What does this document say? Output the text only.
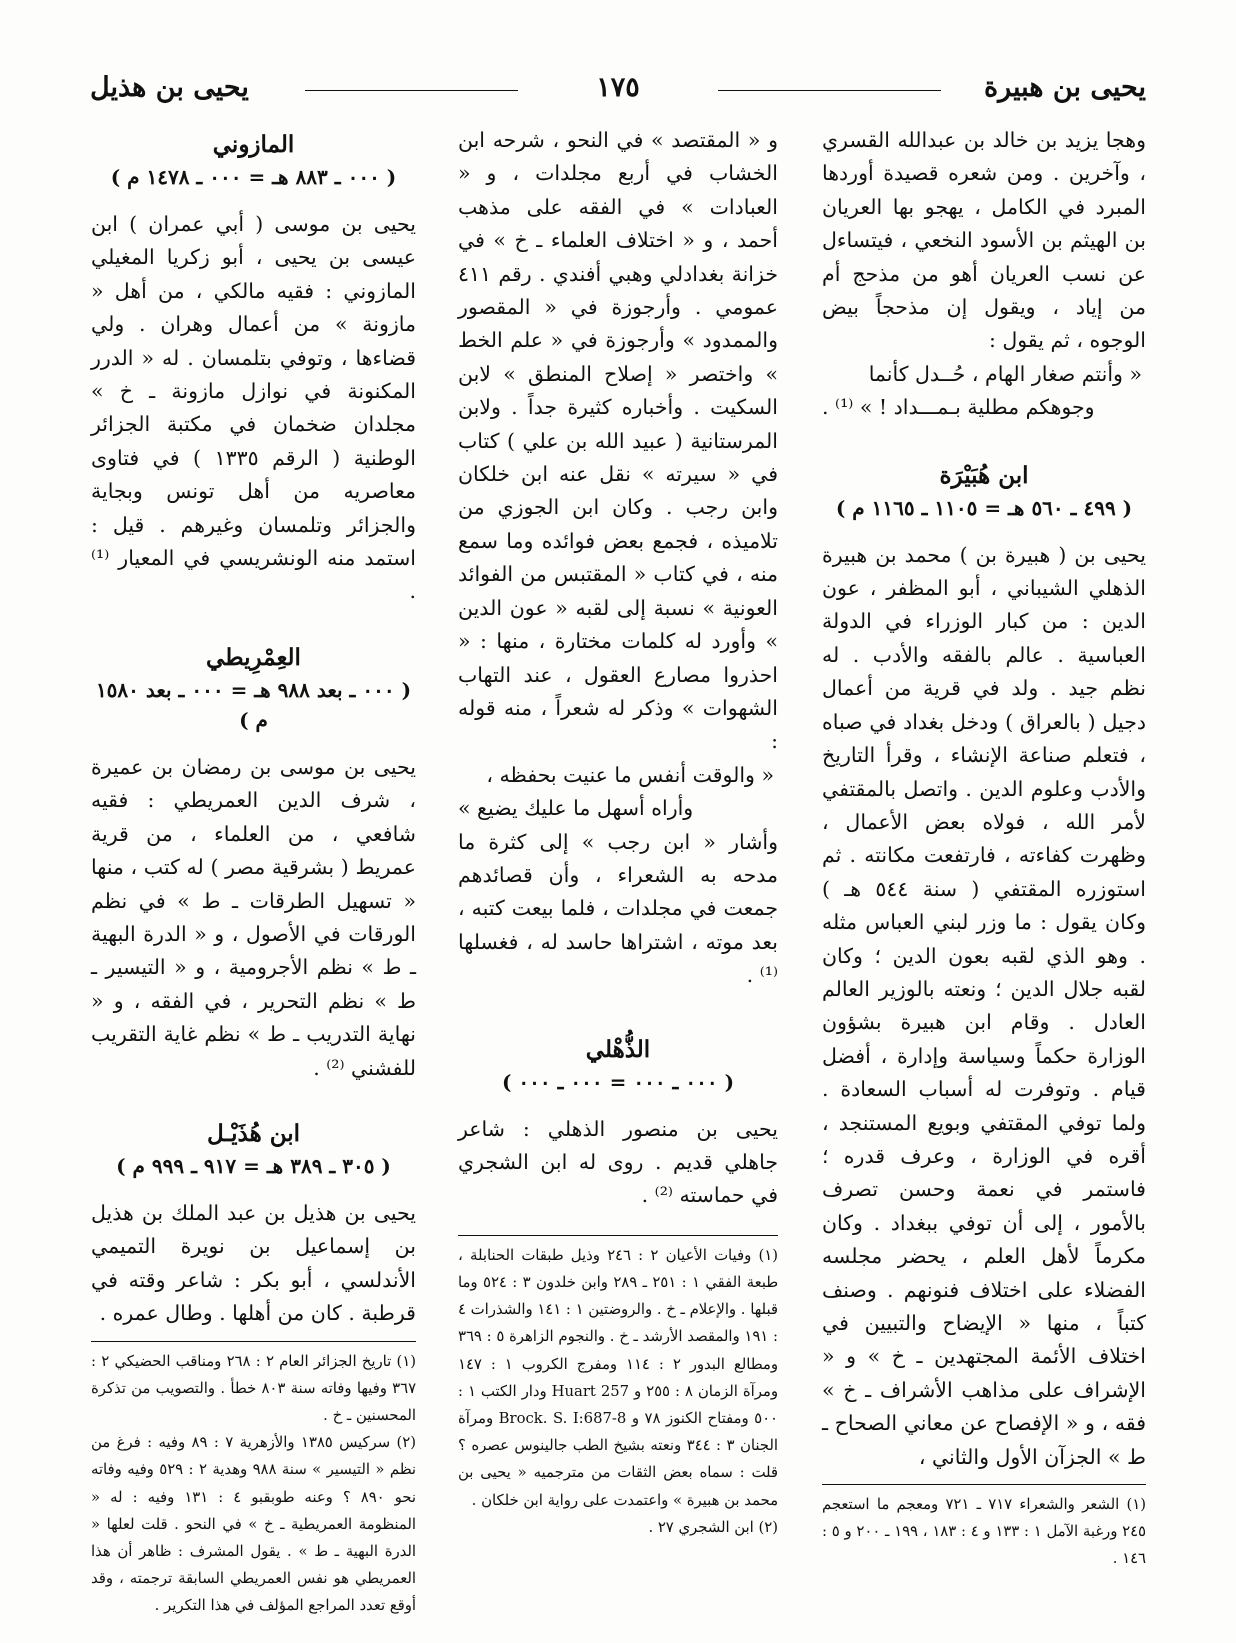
يحيى بن هبيرة
١٧٥
يحيى بن هذيل

وهجا يزيد بن خالد بن عبدالله القسري ، وآخرين . ومن شعره قصيدة أوردها المبرد في الكامل ، يهجو بها العريان بن الهيثم بن الأسود النخعي ، فيتساءل عن نسب العريان أهو من مذحج أم من إياد ، ويقول إن مذحجاً بيض الوجوه ، ثم يقول :

« وأنتم صغار الهام ، حُــدل كأنما

وجوهكم مطلية بـمـــداد ! » ⁽¹⁾ .

ابن هُبَيْرَة
( ٤٩٩ ـ ٥٦٠ هـ = ١١٠٥ ـ ١١٦٥ م )

يحيى بن ( هبيرة بن ) محمد بن هبيرة الذهلي الشيباني ، أبو المظفر ، عون الدين : من كبار الوزراء في الدولة العباسية . عالم بالفقه والأدب . له نظم جيد . ولد في قرية من أعمال دجيل ( بالعراق ) ودخل بغداد في صباه ، فتعلم صناعة الإنشاء ، وقرأ التاريخ والأدب وعلوم الدين . واتصل بالمقتفي لأمر الله ، فولاه بعض الأعمال ، وظهرت كفاءته ، فارتفعت مكانته . ثم استوزره المقتفي ( سنة ٥٤٤ هـ ) وكان يقول : ما وزر لبني العباس مثله . وهو الذي لقبه بعون الدين ؛ وكان لقبه جلال الدين ؛ ونعته بالوزير العالم العادل . وقام ابن هبيرة بشؤون الوزارة حكماً وسياسة وإدارة ، أفضل قيام . وتوفرت له أسباب السعادة . ولما توفي المقتفي وبويع المستنجد ، أقره في الوزارة ، وعرف قدره ؛ فاستمر في نعمة وحسن تصرف بالأمور ، إلى أن توفي ببغداد . وكان مكرماً لأهل العلم ، يحضر مجلسه الفضلاء على اختلاف فنونهم . وصنف كتباً ، منها « الإيضاح والتبيين في اختلاف الأئمة المجتهدين ـ خ » و « الإشراف على مذاهب الأشراف ـ خ » فقه ، و « الإفصاح عن معاني الصحاح ـ ط » الجزآن الأول والثاني ،

(١) الشعر والشعراء ٧١٧ ـ ٧٢١ ومعجم ما استعجم ٢٤٥ ورغبة الآمل ١ : ١٣٣ و ٤ : ١٨٣ ، ١٩٩ ـ ٢٠٠ و ٥ : ١٤٦ .

و « المقتصد » في النحو ، شرحه ابن الخشاب في أربع مجلدات ، و « العبادات » في الفقه على مذهب أحمد ، و « اختلاف العلماء ـ خ » في خزانة بغدادلي وهبي أفندي . رقم ٤١١ عمومي . وأرجوزة في « المقصور والممدود » وأرجوزة في « علم الخط » واختصر « إصلاح المنطق » لابن السكيت . وأخباره كثيرة جداً . ولابن المرستانية ( عبيد الله بن علي ) كتاب في « سيرته » نقل عنه ابن خلكان وابن رجب . وكان ابن الجوزي من تلاميذه ، فجمع بعض فوائده وما سمع منه ، في كتاب « المقتبس من الفوائد العونية » نسبة إلى لقبه « عون الدين » وأورد له كلمات مختارة ، منها : « احذروا مصارع العقول ، عند التهاب الشهوات » وذكر له شعراً ، منه قوله :

« والوقت أنفس ما عنيت بحفظه ،

وأراه أسهل ما عليك يضيع »

وأشار « ابن رجب » إلى كثرة ما مدحه به الشعراء ، وأن قصائدهم جمعت في مجلدات ، فلما بيعت كتبه ، بعد موته ، اشتراها حاسد له ، فغسلها ⁽¹⁾ .

الذُّهْلي
( ٠٠٠ ـ ٠٠٠ = ٠٠٠ ـ ٠٠٠ )

يحيى بن منصور الذهلي : شاعر جاهلي قديم . روى له ابن الشجري في حماسته ⁽²⁾ .

(١) وفيات الأعيان ٢ : ٢٤٦ وذيل طبقات الحنابلة ، طبعة الفقي ١ : ٢٥١ ـ ٢٨٩ وابن خلدون ٣ : ٥٢٤ وما قبلها . والإعلام ـ خ . والروضتين ١ : ١٤١ والشذرات ٤ : ١٩١ والمقصد الأرشد ـ خ . والنجوم الزاهرة ٥ : ٣٦٩ ومطالع البدور ٢ : ١١٤ ومفرج الكروب ١ : ١٤٧ ومرآة الزمان ٨ : ٢٥٥ و Huart 257 ودار الكتب ١ : ٥٠٠ ومفتاح الكنوز ٧٨ و Brock. S. I:687-8 ومرآة الجنان ٣ : ٣٤٤ ونعته بشيخ الطب جالينوس عصره ؟ قلت : سماه بعض الثقات من مترجميه « يحيى بن محمد بن هبيرة » واعتمدت على رواية ابن خلكان .

(٢) ابن الشجري ٢٧ .

المازوني
( ٠٠٠ ـ ٨٨٣ هـ = ٠٠٠ ـ ١٤٧٨ م )

يحيى بن موسى ( أبي عمران ) ابن عيسى بن يحيى ، أبو زكريا المغيلي المازوني : فقيه مالكي ، من أهل « مازونة » من أعمال وهران . ولي قضاءها ، وتوفي بتلمسان . له « الدرر المكنونة في نوازل مازونة ـ خ » مجلدان ضخمان في مكتبة الجزائر الوطنية ( الرقم ١٣٣٥ ) في فتاوى معاصريه من أهل تونس وبجاية والجزائر وتلمسان وغيرهم . قيل : استمد منه الونشريسي في المعيار ⁽¹⁾ .

العِمْرِيطي
( ٠٠٠ ـ بعد ٩٨٨ هـ = ٠٠٠ ـ بعد ١٥٨٠ م )

يحيى بن موسى بن رمضان بن عميرة ، شرف الدين العمريطي : فقيه شافعي ، من العلماء ، من قرية عمريط ( بشرقية مصر ) له كتب ، منها « تسهيل الطرقات ـ ط » في نظم الورقات في الأصول ، و « الدرة البهية ـ ط » نظم الأجرومية ، و « التيسير ـ ط » نظم التحرير ، في الفقه ، و « نهاية التدريب ـ ط » نظم غاية التقريب للفشني ⁽²⁾ .

ابن هُذَيْـل
( ٣٠٥ ـ ٣٨٩ هـ = ٩١٧ ـ ٩٩٩ م )

يحيى بن هذيل بن عبد الملك بن هذيل بن إسماعيل بن نويرة التميمي الأندلسي ، أبو بكر : شاعر وقته في قرطبة . كان من أهلها . وطال عمره .

(١) تاريخ الجزائر العام ٢ : ٢٦٨ ومناقب الحضيكي ٢ : ٣٦٧ وفيها وفاته سنة ٨٠٣ خطأ . والتصويب من تذكرة المحسنين ـ خ .

(٢) سركيس ١٣٨٥ والأزهرية ٧ : ٨٩ وفيه : فرغ من نظم « التيسير » سنة ٩٨٨ وهدية ٢ : ٥٢٩ وفيه وفاته نحو ٨٩٠ ؟ وعنه طوبقبو ٤ : ١٣١ وفيه : له « المنظومة العمريطية ـ خ » في النحو . قلت لعلها « الدرة البهية ـ ط » . يقول المشرف : ظاهر أن هذا العمريطي هو نفس العمريطي السابقة ترجمته ، وقد أوقع تعدد المراجع المؤلف في هذا التكرير .
